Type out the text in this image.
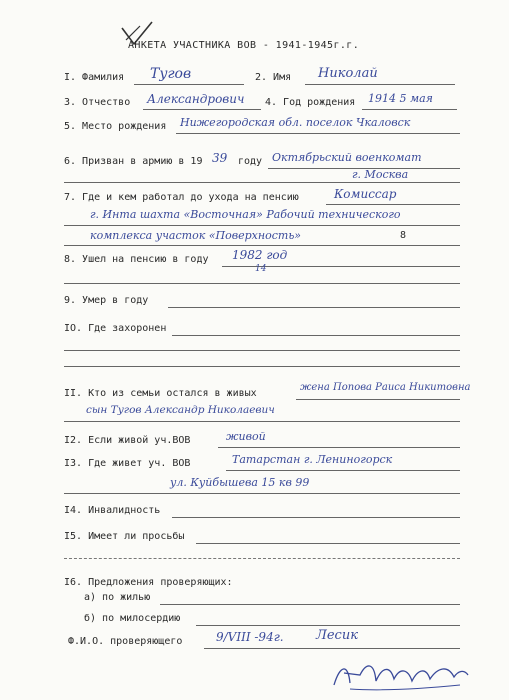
АНКЕТА УЧАСТНИКА ВОВ - 1941-1945г.г.
I. Фамилия Тугов	2. Имя Николай
3. Отчество Александрович 4. Год рождения 1914 5 мая
5. Место рождения Нижегородская обл. поселок Чкаловск
6. Призван в армию в 19 39 году Октябрьский военкомат
г. Москва
7. Где и кем работал до ухода на пенсию	Комиссар
г. Инта шахта «Восточная» Рабочий технического
комплекса участок «Поверхность»	8
8. Ушел на пенсию в году 1982 год
14
9. Умер в году
IO. Где захоронен
II. Кто из семьи остался в живых
жена Попова Раиса Никитовна
сын Тугов Александр Николаевич
I2. Если живой уч.ВОВ	живой
I3. Где живет уч. ВОВ	Татарстан г. Лениногорск
ул. Куйбышева 15 кв 99
I4. Инвалидность
I5. Имеет ли просьбы
I6. Предложения проверяющих:
а) по жилью
б) по милосердию
Ф.И.О. проверяющего	9/VIII -94г. Лесик
